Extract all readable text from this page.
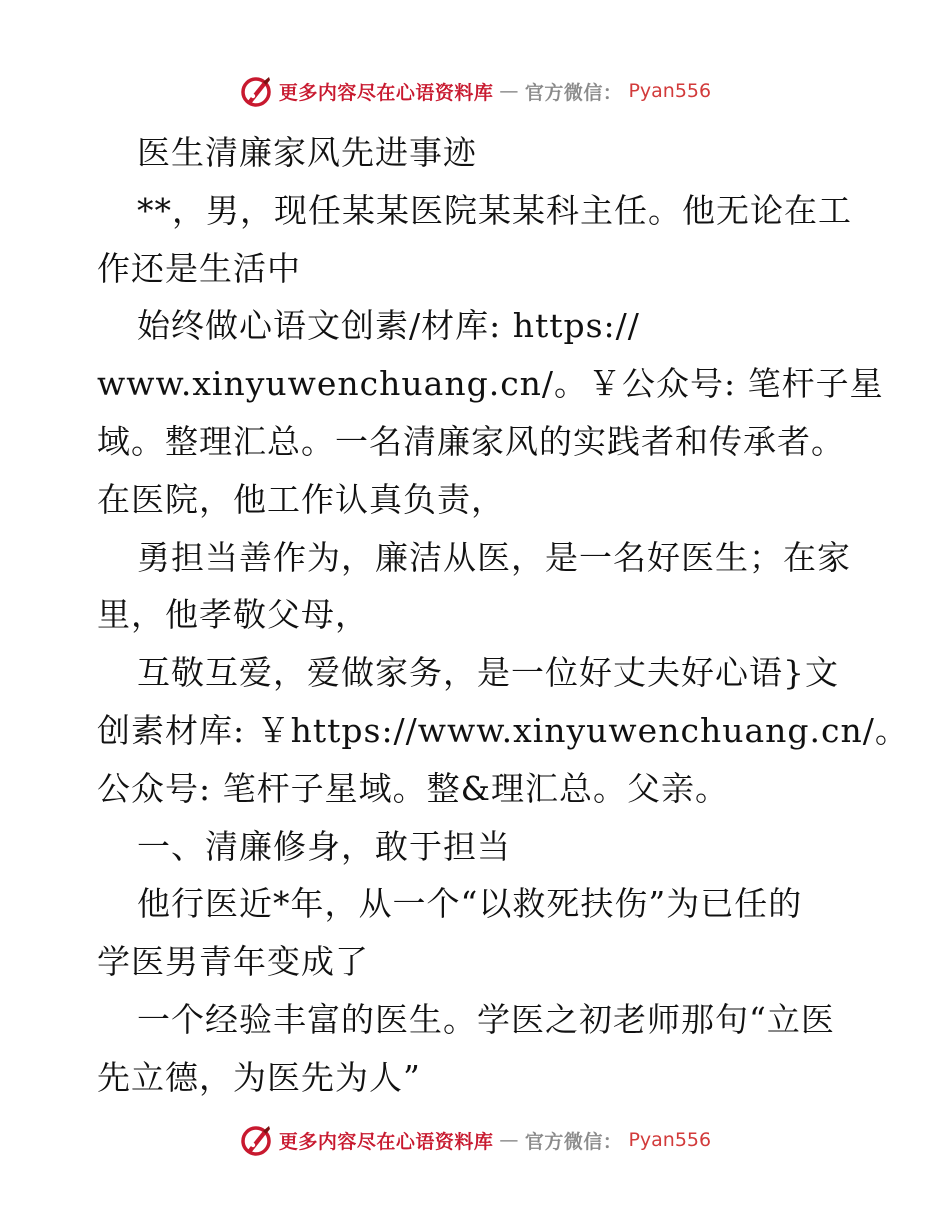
更多内容尽在心语资料库 — 官方微信： Pyan556
医生清廉家风先进事迹
**，男，现任某某医院某某科主任。他无论在工
作还是生活中
始终做心语文创素/材库: https://
www.xinyuwenchuang.cn/。￥公众号: 笔杆子星
域。整理汇总。一名清廉家风的实践者和传承者。
在医院，他工作认真负责，
勇担当善作为，廉洁从医，是一名好医生；在家
里，他孝敬父母，
互敬互爱，爱做家务，是一位好丈夫好心语}文
创素材库: ￥https://www.xinyuwenchuang.cn/。
公众号: 笔杆子星域。整&理汇总。父亲。
一、清廉修身，敢于担当
他行医近*年，从一个“以救死扶伤”为已任的
学医男青年变成了
一个经验丰富的医生。学医之初老师那句“立医
先立德，为医先为人”
更多内容尽在心语资料库 — 官方微信： Pyan556
